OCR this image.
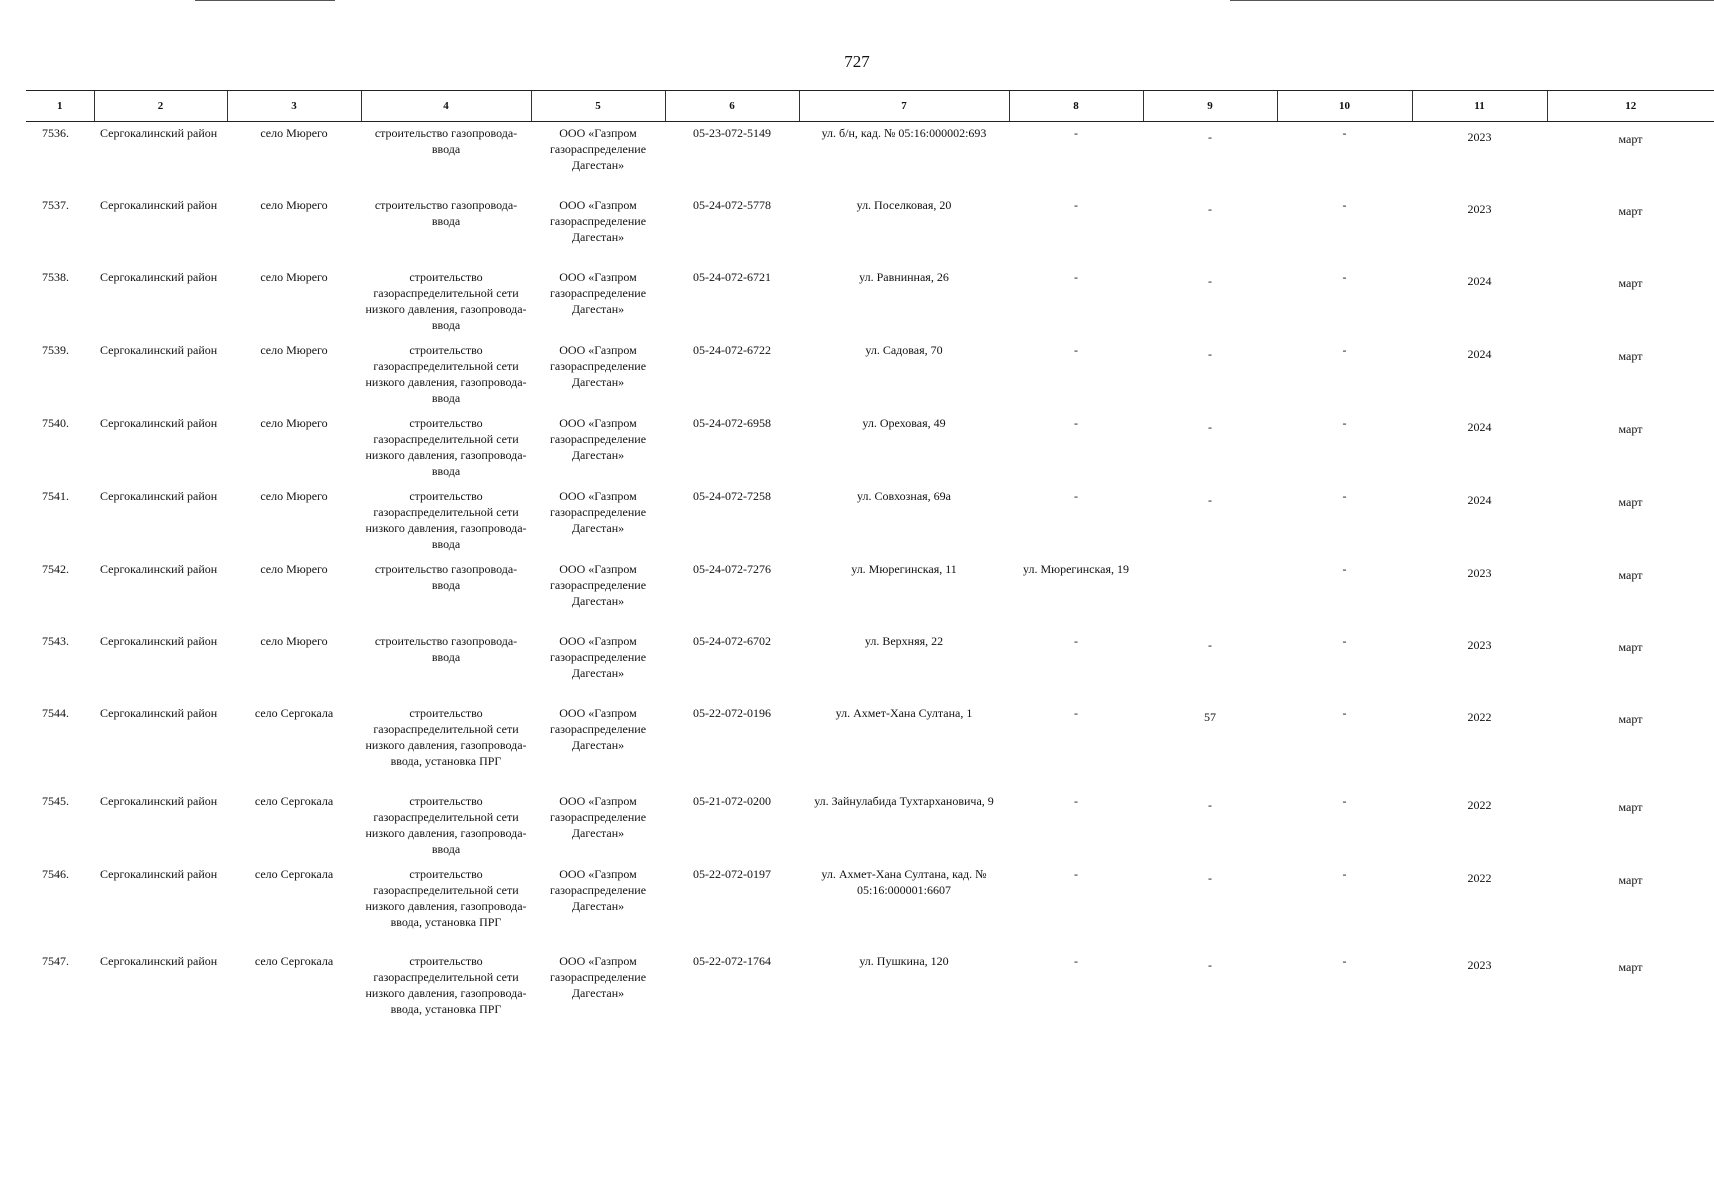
727
1	2	3	4	5	6	7	8	9	10	11	12
7536.	Сергокалинский район	село Мюрего	строительство газопровода-ввода	ООО «Газпром газораспределение Дагестан»	05-23-072-5149	ул. б/н, кад. № 05:16:000002:693	-	-	-	2023	март
7537.	Сергокалинский район	село Мюрего	строительство газопровода-ввода	ООО «Газпром газораспределение Дагестан»	05-24-072-5778	ул. Поселковая, 20	-	-	-	2023	март
7538.	Сергокалинский район	село Мюрего	строительство газораспределительной сети низкого давления, газопровода-ввода	ООО «Газпром газораспределение Дагестан»	05-24-072-6721	ул. Равнинная, 26	-	-	-	2024	март
7539.	Сергокалинский район	село Мюрего	строительство газораспределительной сети низкого давления, газопровода-ввода	ООО «Газпром газораспределение Дагестан»	05-24-072-6722	ул. Садовая, 70	-	-	-	2024	март
7540.	Сергокалинский район	село Мюрего	строительство газораспределительной сети низкого давления, газопровода-ввода	ООО «Газпром газораспределение Дагестан»	05-24-072-6958	ул. Ореховая, 49	-	-	-	2024	март
7541.	Сергокалинский район	село Мюрего	строительство газораспределительной сети низкого давления, газопровода-ввода	ООО «Газпром газораспределение Дагестан»	05-24-072-7258	ул. Совхозная, 69а	-	-	-	2024	март
7542.	Сергокалинский район	село Мюрего	строительство газопровода-ввода	ООО «Газпром газораспределение Дагестан»	05-24-072-7276	ул. Мюрегинская, 11	ул. Мюрегинская, 19		-	2023	март
7543.	Сергокалинский район	село Мюрего	строительство газопровода-ввода	ООО «Газпром газораспределение Дагестан»	05-24-072-6702	ул. Верхняя, 22	-	-	-	2023	март
7544.	Сергокалинский район	село Сергокала	строительство газораспределительной сети низкого давления, газопровода-ввода, установка ПРГ	ООО «Газпром газораспределение Дагестан»	05-22-072-0196	ул. Ахмет-Хана Султана, 1	-	57	-	2022	март
7545.	Сергокалинский район	село Сергокала	строительство газораспределительной сети низкого давления, газопровода-ввода	ООО «Газпром газораспределение Дагестан»	05-21-072-0200	ул. Зайнулабида Тухтархановича, 9	-	-	-	2022	март
7546.	Сергокалинский район	село Сергокала	строительство газораспределительной сети низкого давления, газопровода-ввода, установка ПРГ	ООО «Газпром газораспределение Дагестан»	05-22-072-0197	ул. Ахмет-Хана Султана, кад. № 05:16:000001:6607	-	-	-	2022	март
7547.	Сергокалинский район	село Сергокала	строительство газораспределительной сети низкого давления, газопровода-ввода, установка ПРГ	ООО «Газпром газораспределение Дагестан»	05-22-072-1764	ул. Пушкина, 120	-	-	-	2023	март
